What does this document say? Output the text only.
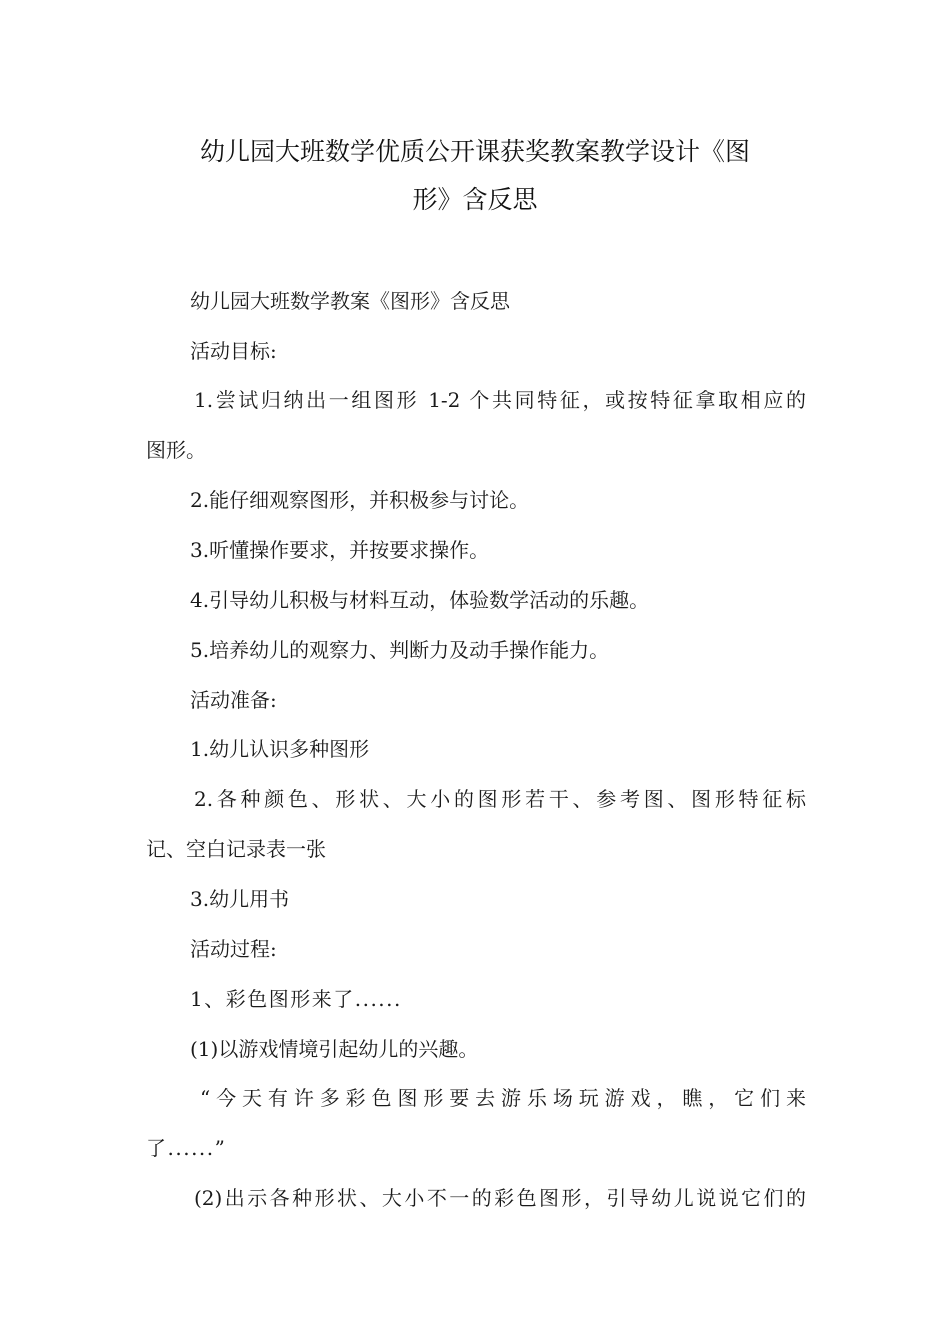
幼儿园大班数学优质公开课获奖教案教学设计《图
形》含反思
幼儿园大班数学教案《图形》含反思
活动目标:
1.尝试归纳出一组图形 1-2 个共同特征，或按特征拿取相应的
图形。
2.能仔细观察图形，并积极参与讨论。
3.听懂操作要求，并按要求操作。
4.引导幼儿积极与材料互动，体验数学活动的乐趣。
5.培养幼儿的观察力、判断力及动手操作能力。
活动准备:
1.幼儿认识多种图形
2.各种颜色、形状、大小的图形若干、参考图、图形特征标
记、空白记录表一张
3.幼儿用书
活动过程:
1、彩色图形来了......
(1)以游戏情境引起幼儿的兴趣。
“今天有许多彩色图形要去游乐场玩游戏，瞧，它们来
了......”
(2)出示各种形状、大小不一的彩色图形，引导幼儿说说它们的
